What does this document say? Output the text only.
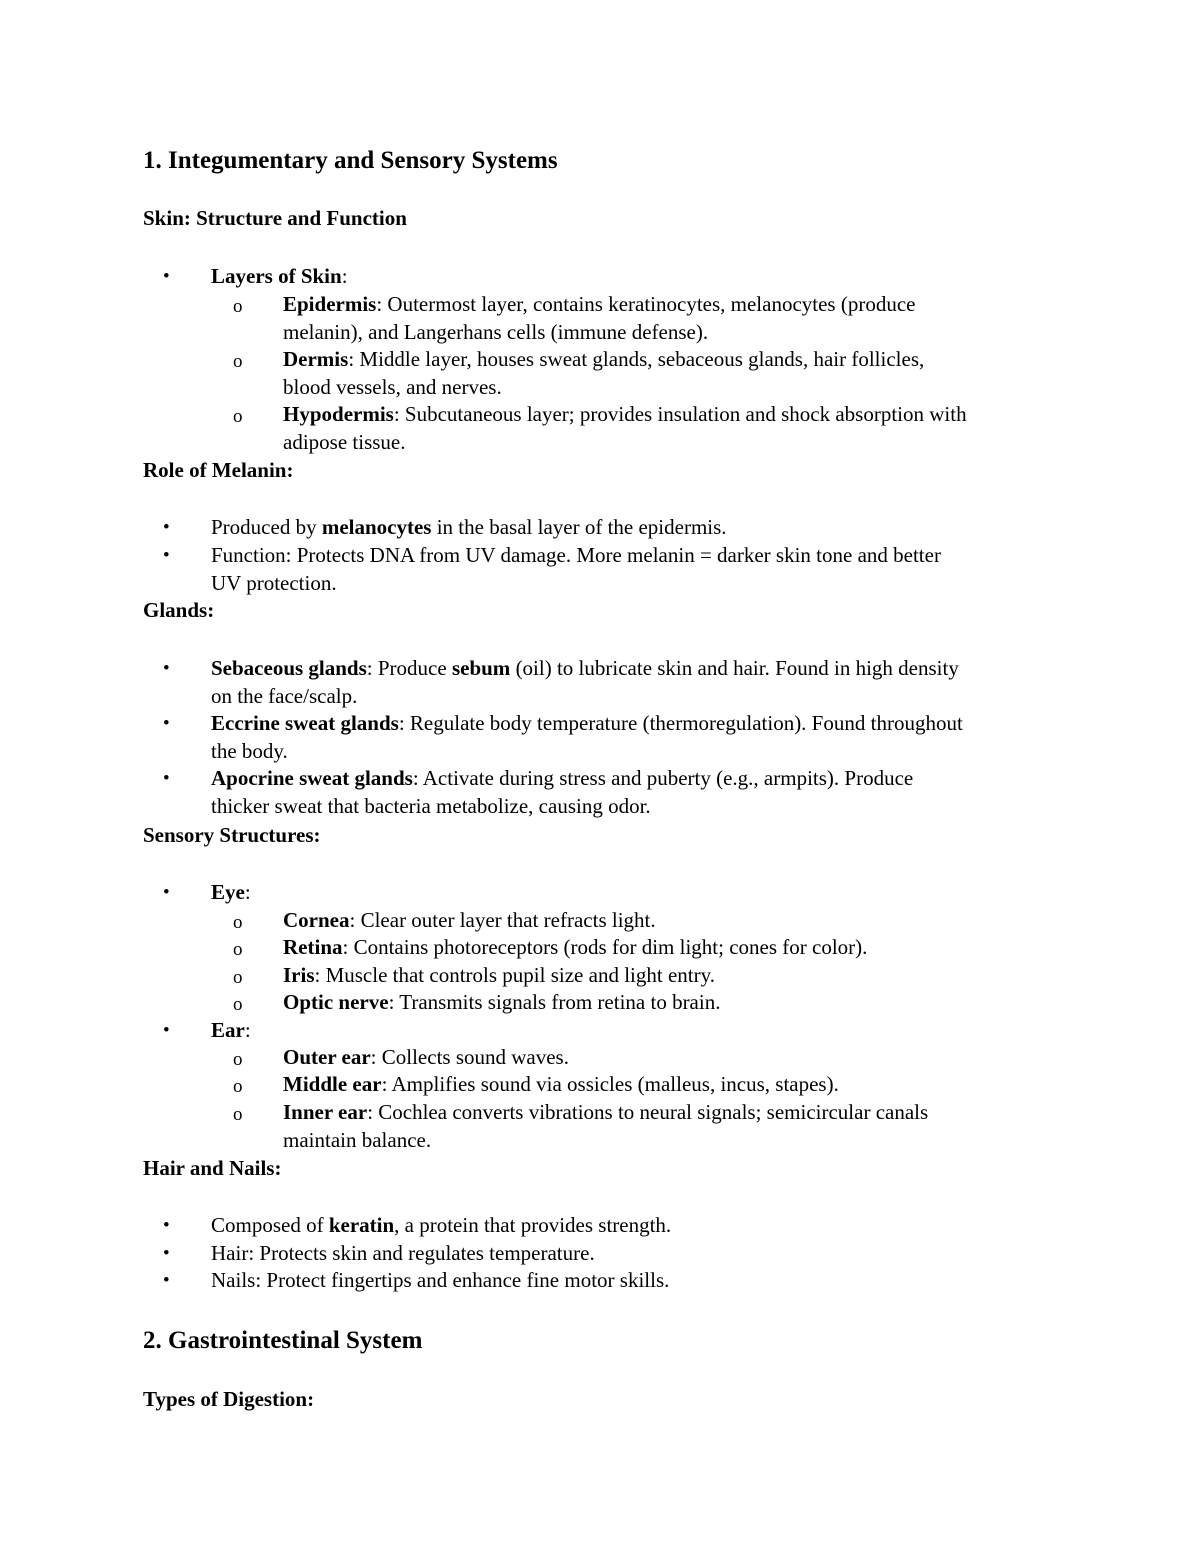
1. Integumentary and Sensory Systems
Skin: Structure and Function
• Layers of Skin:
o Epidermis: Outermost layer, contains keratinocytes, melanocytes (produce
melanin), and Langerhans cells (immune defense).
o Dermis: Middle layer, houses sweat glands, sebaceous glands, hair follicles,
blood vessels, and nerves.
o Hypodermis: Subcutaneous layer; provides insulation and shock absorption with
adipose tissue.
Role of Melanin:
• Produced by melanocytes in the basal layer of the epidermis.
• Function: Protects DNA from UV damage. More melanin = darker skin tone and better
UV protection.
Glands:
• Sebaceous glands: Produce sebum (oil) to lubricate skin and hair. Found in high density
on the face/scalp.
• Eccrine sweat glands: Regulate body temperature (thermoregulation). Found throughout
the body.
• Apocrine sweat glands: Activate during stress and puberty (e.g., armpits). Produce
thicker sweat that bacteria metabolize, causing odor.
Sensory Structures:
• Eye:
o Cornea: Clear outer layer that refracts light.
o Retina: Contains photoreceptors (rods for dim light; cones for color).
o Iris: Muscle that controls pupil size and light entry.
o Optic nerve: Transmits signals from retina to brain.
• Ear:
o Outer ear: Collects sound waves.
o Middle ear: Amplifies sound via ossicles (malleus, incus, stapes).
o Inner ear: Cochlea converts vibrations to neural signals; semicircular canals
maintain balance.
Hair and Nails:
• Composed of keratin, a protein that provides strength.
• Hair: Protects skin and regulates temperature.
• Nails: Protect fingertips and enhance fine motor skills.
2. Gastrointestinal System
Types of Digestion:
